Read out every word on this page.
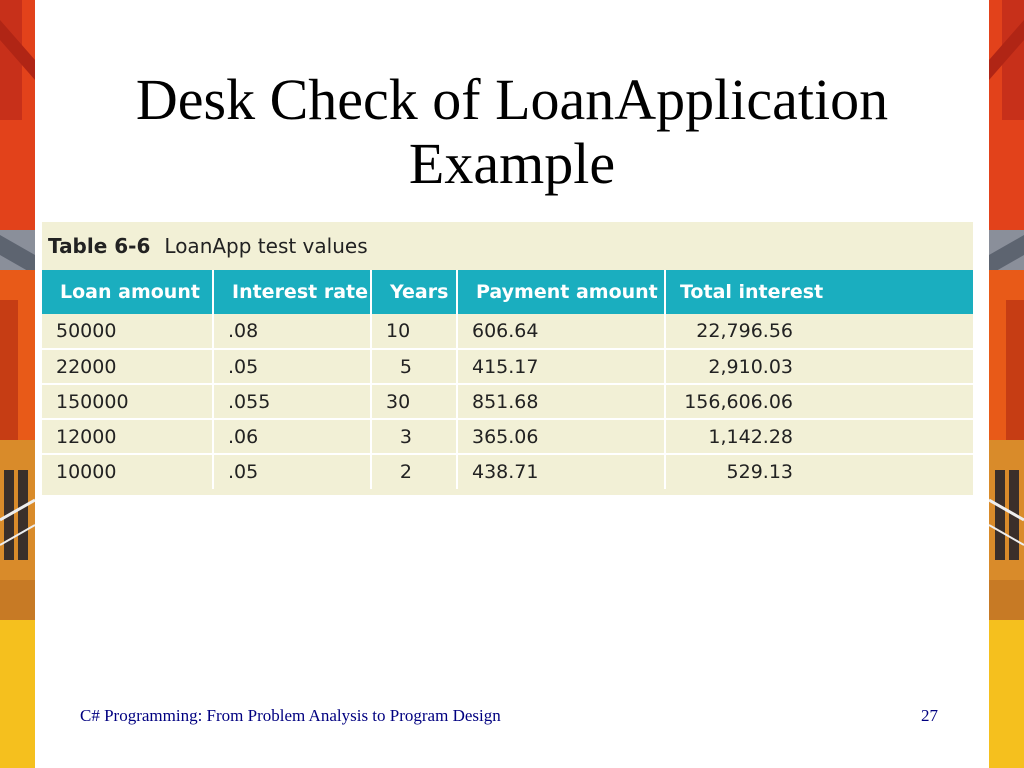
Desk Check of LoanApplication
Example
Table 6-6 LoanApp test values
Loan amount	Interest rate	Years	Payment amount	Total interest
50000	.08	10	606.64	22,796.56
22000	.05	5	415.17	2,910.03
150000	.055	30	851.68	156,606.06
12000	.06	3	365.06	1,142.28
10000	.05	2	438.71	529.13

C# Programming: From Problem Analysis to Program Design	27
